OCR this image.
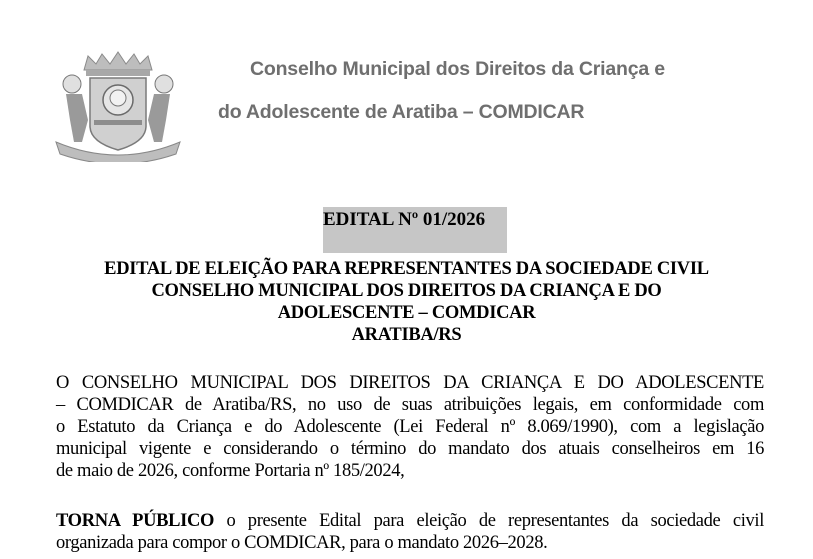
Conselho Municipal dos Direitos da Criança e
do Adolescente de Aratiba – COMDICAR
EDITAL Nº 01/2026
EDITAL DE ELEIÇÃO PARA REPRESENTANTES DA SOCIEDADE CIVIL
CONSELHO MUNICIPAL DOS DIREITOS DA CRIANÇA E DO
ADOLESCENTE – COMDICAR
ARATIBA/RS
O CONSELHO MUNICIPAL DOS DIREITOS DA CRIANÇA E DO ADOLESCENTE
– COMDICAR de Aratiba/RS, no uso de suas atribuições legais, em conformidade com
o Estatuto da Criança e do Adolescente (Lei Federal nº 8.069/1990), com a legislação
municipal vigente e considerando o término do mandato dos atuais conselheiros em 16
de maio de 2026, conforme Portaria nº 185/2024,
TORNA PÚBLICO o presente Edital para eleição de representantes da sociedade civil
organizada para compor o COMDICAR, para o mandato 2026–2028.
